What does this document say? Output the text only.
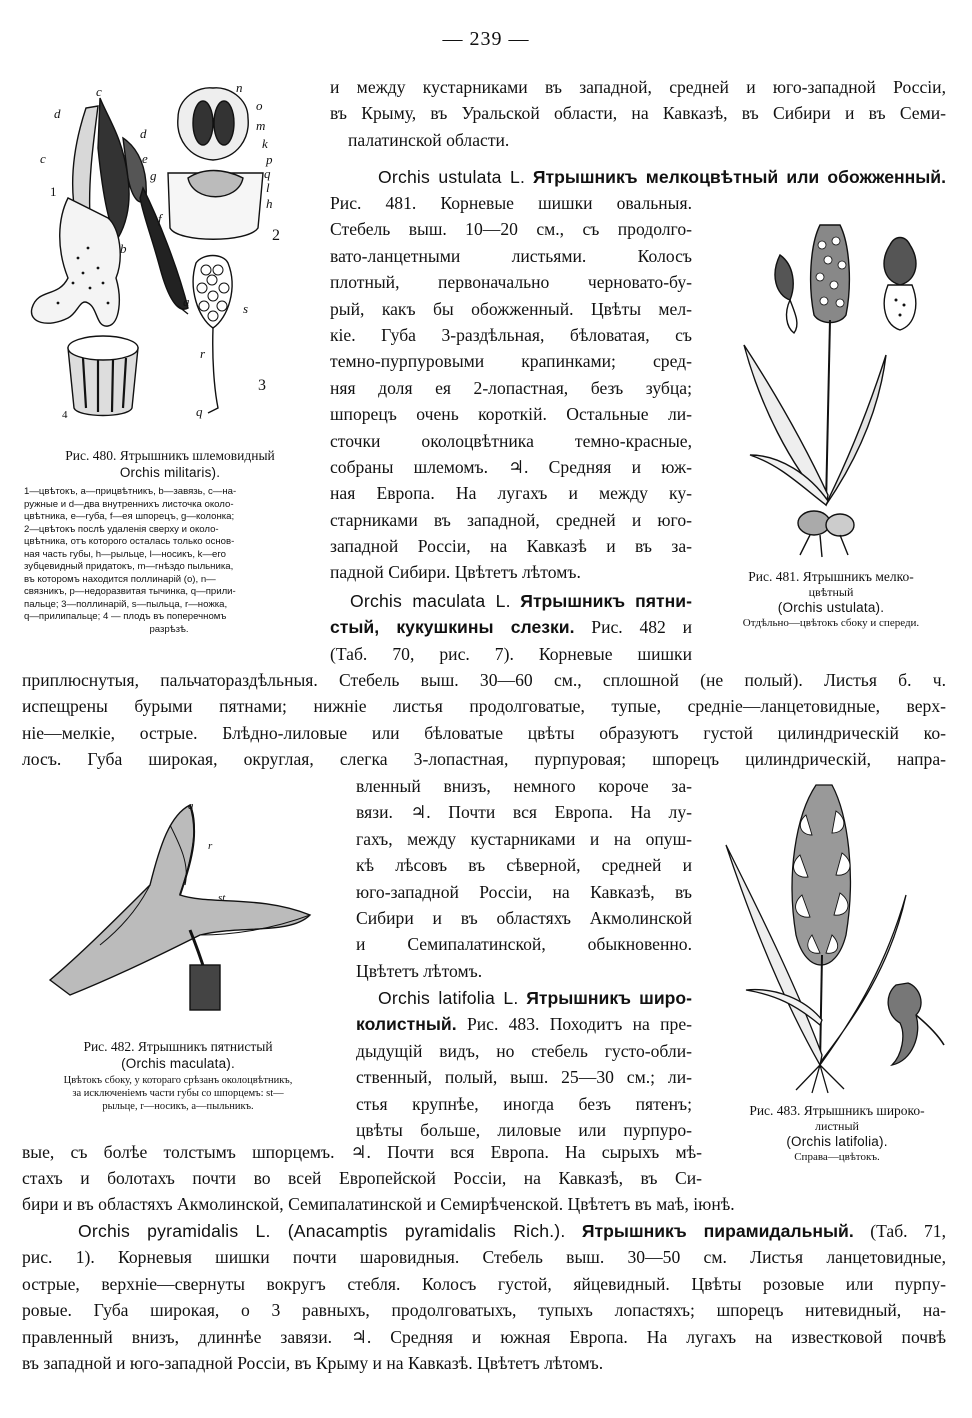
— 239 —
d
c
c
d
e
g
f
b
a
1
n
o
m
k
p
q
l
h
2
s
r
q
3
4
Рис. 480. Ятрышникъ шлемовидный
Orchis militaris).
1—цвѣтокъ, a—прицвѣтникъ, b—завязь, c—на-
ружные и d—два внутреннихъ листочка около-
цвѣтника, e—губа, f—ея шпорецъ, g—колонка;
2—цвѣтокъ послѣ удаленія сверху и около-
цвѣтника, отъ которого осталась только основ-
ная часть губы, h—рыльце, l—носикъ, k—его
зубцевидный придатокъ, m—гнѣздо пыльника,
въ которомъ находится поллинарій (o), n—
связникъ, p—недоразвитая тычинка, q—прили-
пальце; 3—поллинарій, s—пыльца, r—ножка,
q—прилипальце; 4 — плодъ въ поперечномъ
разрѣзѣ.
и между кустарниками въ западной, средней и юго-западной Россіи,
въ Крыму, въ Уральской области, на Кавказѣ, въ Сибири и въ Семи-
палатинской области.
Orchis ustulata L. Ятрышникъ мелкоцвѣтный или обожженный.
Рис. 481. Корневые шишки овальныя.
Стебель выш. 10—20 см., съ продолго-
вато-ланцетными листьями. Колосъ
плотный, первоначально черновато-бу-
рый, какъ бы обожженный. Цвѣты мел-
кіе. Губа 3-раздѣльная, бѣловатая, съ
темно-пурпуровыми крапинками; сред-
няя доля ея 2-лопастная, безъ зубца;
шпорецъ очень короткій. Остальные ли-
сточки околоцвѣтника темно-красные,
собраны шлемомъ. ♃. Средняя и юж-
ная Европа. На лугахъ и между ку-
старниками въ западной, средней и юго-
западной Россіи, на Кавказѣ и въ за-
падной Сибири. Цвѣтетъ лѣтомъ.	Рис. 481. Ятрышникъ мелко-
цвѣтный
(Orchis ustulata).
Отдѣльно—цвѣтокъ сбоку и спереди.
Orchis maculata L. Ятрышникъ пятни-
стый, кукушкины слезки. Рис. 482 и
(Таб. 70, рис. 7). Корневые шишки
приплюснутыя, пальчатораздѣльныя. Стебель выш. 30—60 см., сплошной (не полый). Листья б. ч.
испещрены бурыми пятнами; нижніе листья продолговатые, тупые, средніе—ланцетовидные, верх-
ніе—мелкіе, острые. Блѣдно-лиловые или бѣловатые цвѣты образуютъ густой цилиндрическій ко-
лосъ. Губа широкая, округлая, слегка 3-лопастная, пурпуровая; шпорецъ цилиндрическій, напра-
вленный внизъ, немного короче за-
вязи. ♃. Почти вся Европа. На лу-
гахъ, между кустарниками и на опуш-
кѣ лѣсовъ въ сѣверной, средней и
юго-западной Россіи, на Кавказѣ, въ
Сибири и въ областяхъ Акмолинской
и Семипалатинской, обыкновенно.
Цвѣтетъ лѣтомъ.
a
r
st
Рис. 482. Ятрышникъ пятнистый
(Orchis maculata).
Цвѣтокъ сбоку, у котораго срѣзанъ околоцвѣтникъ,
за исключеніемъ части губы со шпорцемъ: st—
рыльце, r—носикъ, a—пыльникъ.
Orchis latifolia L. Ятрышникъ широ-
колистный. Рис. 483. Походитъ на пре-
дыдущій видъ, но стебель густо-обли-
ственный, полый, выш. 25—30 см.; ли-
стья крупнѣе, иногда безъ пятенъ;
цвѣты больше, лиловые или пурпуро-
вые, съ болѣе толстымъ шпорцемъ. ♃. Почти вся Европа. На сырыхъ мѣ-
стахъ и болотахъ почти во всей Европейской Россіи, на Кавказѣ, въ Си-
бири и въ областяхъ Акмолинской, Семипалатинской и Семирѣченской. Цвѣтетъ въ маѣ, іюнѣ.
Рис. 483. Ятрышникъ широко-
листный
(Orchis latifolia).
Справа—цвѣтокъ.
Orchis pyramidalis L. (Anacamptis pyramidalis Rich.). Ятрышникъ пирамидальный. (Таб. 71,
рис. 1). Корневыя шишки почти шаровидныя. Стебель выш. 30—50 см. Листья ланцетовидные,
острые, верхніе—свернуты вокругъ стебля. Колосъ густой, яйцевидный. Цвѣты розовые или пурпу-
ровые. Губа широкая, о 3 равныхъ, продолговатыхъ, тупыхъ лопастяхъ; шпорецъ нитевидный, на-
правленный внизъ, длиннѣе завязи. ♃. Средняя и южная Европа. На лугахъ на известковой почвѣ
въ западной и юго-западной Россіи, въ Крыму и на Кавказѣ. Цвѣтетъ лѣтомъ.
